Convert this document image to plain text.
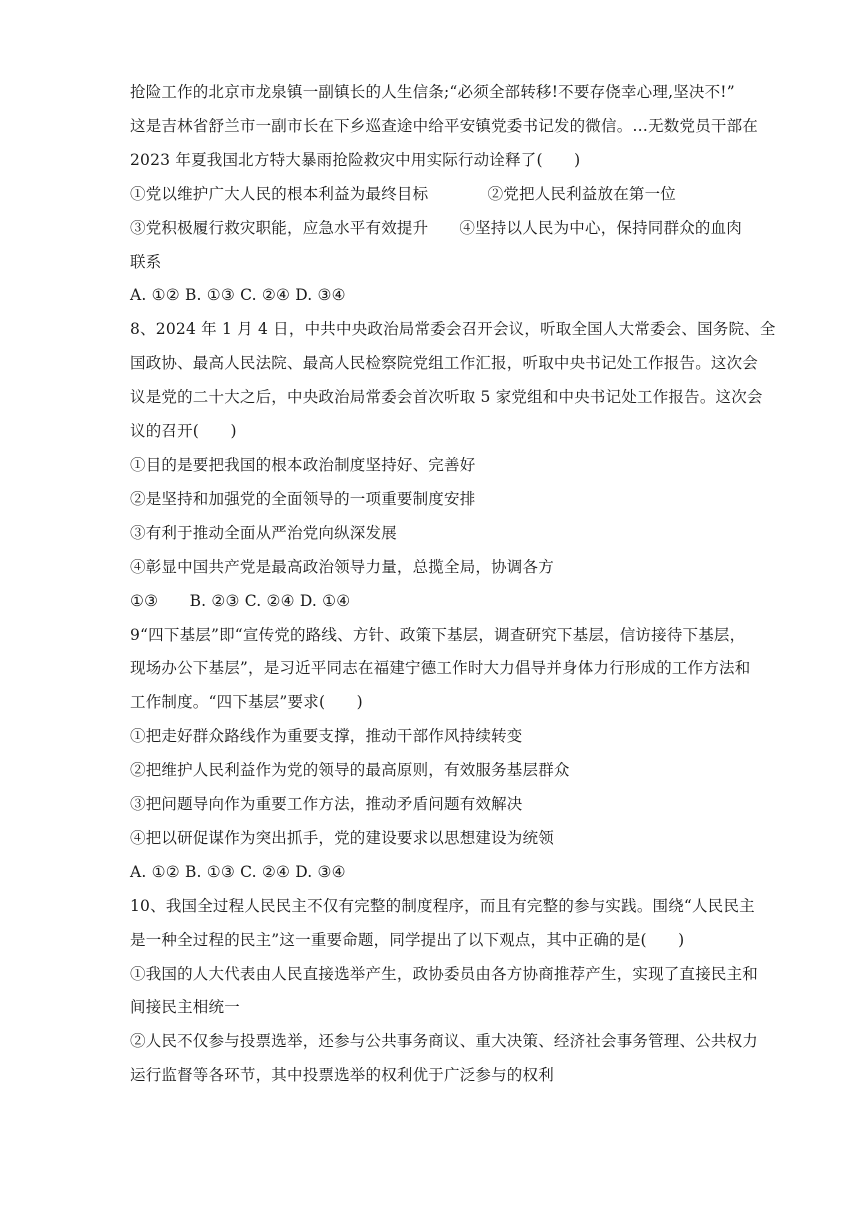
抢险工作的北京市龙泉镇一副镇长的人生信条;“必须全部转移!不要存侥幸心理,坚决不!”
这是吉林省舒兰市一副市长在下乡巡查途中给平安镇党委书记发的微信。…无数党员干部在
2023 年夏我国北方特大暴雨抢险救灾中用实际行动诠释了(　　)
①党以维护广大人民的根本利益为最终目标	②党把人民利益放在第一位
③党积极履行救灾职能，应急水平有效提升 ④坚持以人民为中心，保持同群众的血肉
联系
A. ①② B. ①③ C. ②④ D. ③④
8、2024 年 1 月 4 日，中共中央政治局常委会召开会议，听取全国人大常委会、国务院、全
国政协、最高人民法院、最高人民检察院党组工作汇报，听取中央书记处工作报告。这次会
议是党的二十大之后，中央政治局常委会首次听取 5 家党组和中央书记处工作报告。这次会
议的召开(　　)
①目的是要把我国的根本政治制度坚持好、完善好
②是坚持和加强党的全面领导的一项重要制度安排
③有利于推动全面从严治党向纵深发展
④彰显中国共产党是最高政治领导力量，总揽全局，协调各方
①③　　B. ②③ C. ②④ D. ①④
9“四下基层”即“宣传党的路线、方针、政策下基层，调查研究下基层，信访接待下基层，
现场办公下基层”，是习近平同志在福建宁德工作时大力倡导并身体力行形成的工作方法和
工作制度。“四下基层”要求(　　)
①把走好群众路线作为重要支撑，推动干部作风持续转变
②把维护人民利益作为党的领导的最高原则，有效服务基层群众
③把问题导向作为重要工作方法，推动矛盾问题有效解决
④把以研促谋作为突出抓手，党的建设要求以思想建设为统领
A. ①② B. ①③ C. ②④ D. ③④
10、我国全过程人民民主不仅有完整的制度程序，而且有完整的参与实践。围绕“人民民主
是一种全过程的民主”这一重要命题，同学提出了以下观点，其中正确的是(　　)
①我国的人大代表由人民直接选举产生，政协委员由各方协商推荐产生，实现了直接民主和
间接民主相统一
②人民不仅参与投票选举，还参与公共事务商议、重大决策、经济社会事务管理、公共权力
运行监督等各环节，其中投票选举的权利优于广泛参与的权利
